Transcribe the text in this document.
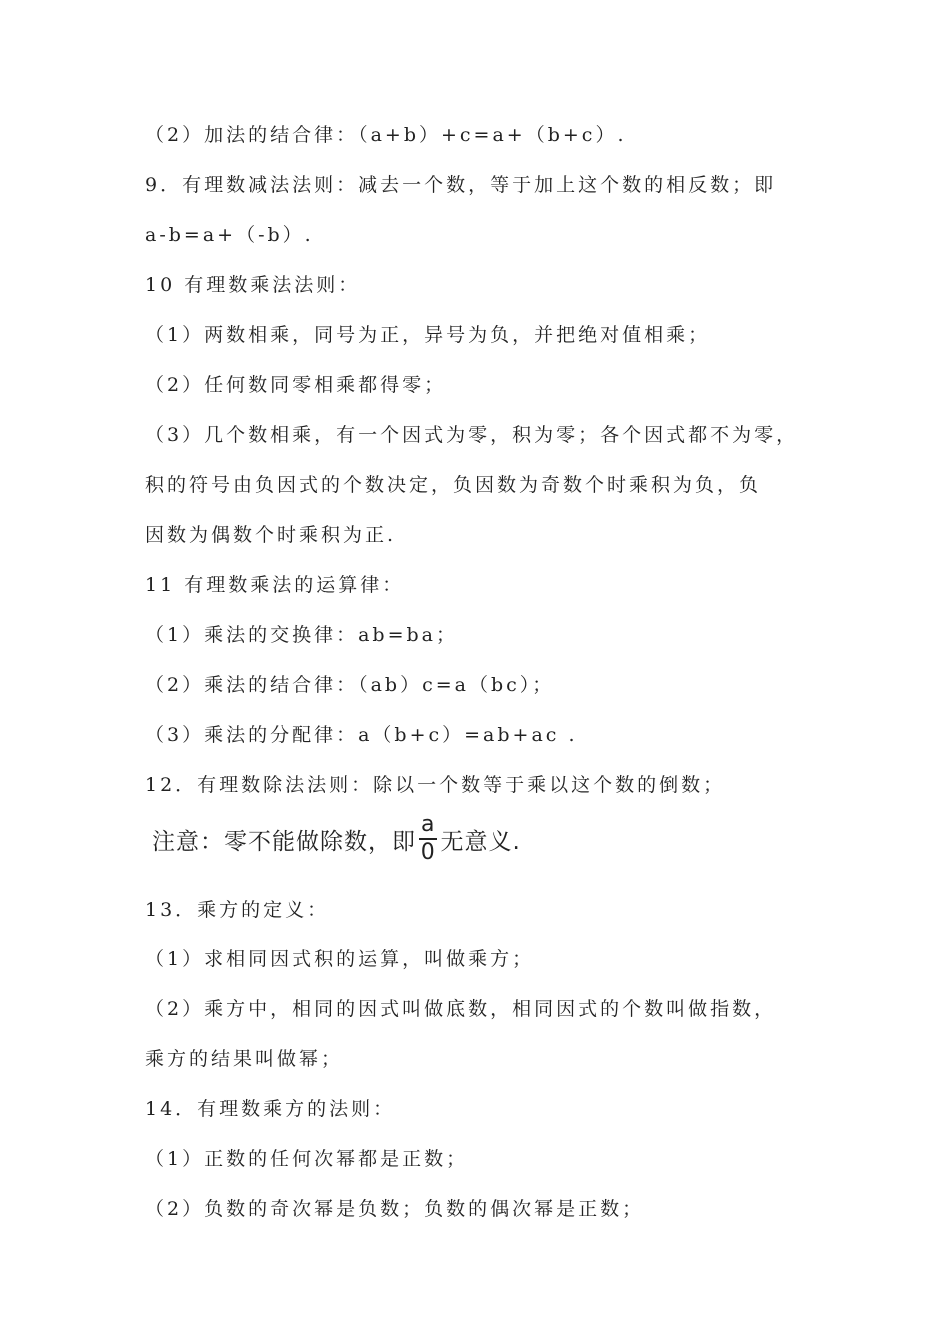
（2）加法的结合律：（a+b）+c=a+（b+c）.

9．有理数减法法则：减去一个数，等于加上这个数的相反数；即

a-b=a+（-b）.

10 有理数乘法法则：

（1）两数相乘，同号为正，异号为负，并把绝对值相乘；

（2）任何数同零相乘都得零；

（3）几个数相乘，有一个因式为零，积为零；各个因式都不为零，

积的符号由负因式的个数决定，负因数为奇数个时乘积为负，负

因数为偶数个时乘积为正.

11 有理数乘法的运算律：

（1）乘法的交换律：ab=ba；

（2）乘法的结合律：（ab）c=a（bc）；

（3）乘法的分配律：a（b+c）=ab+ac .

12．有理数除法法则：除以一个数等于乘以这个数的倒数；

注意：零不能做除数，即 $\frac{a}{0}$ 无意义.

13．乘方的定义：

（1）求相同因式积的运算，叫做乘方；

（2）乘方中，相同的因式叫做底数，相同因式的个数叫做指数，

乘方的结果叫做幂；

14．有理数乘方的法则：

（1）正数的任何次幂都是正数；

（2）负数的奇次幂是负数；负数的偶次幂是正数；
